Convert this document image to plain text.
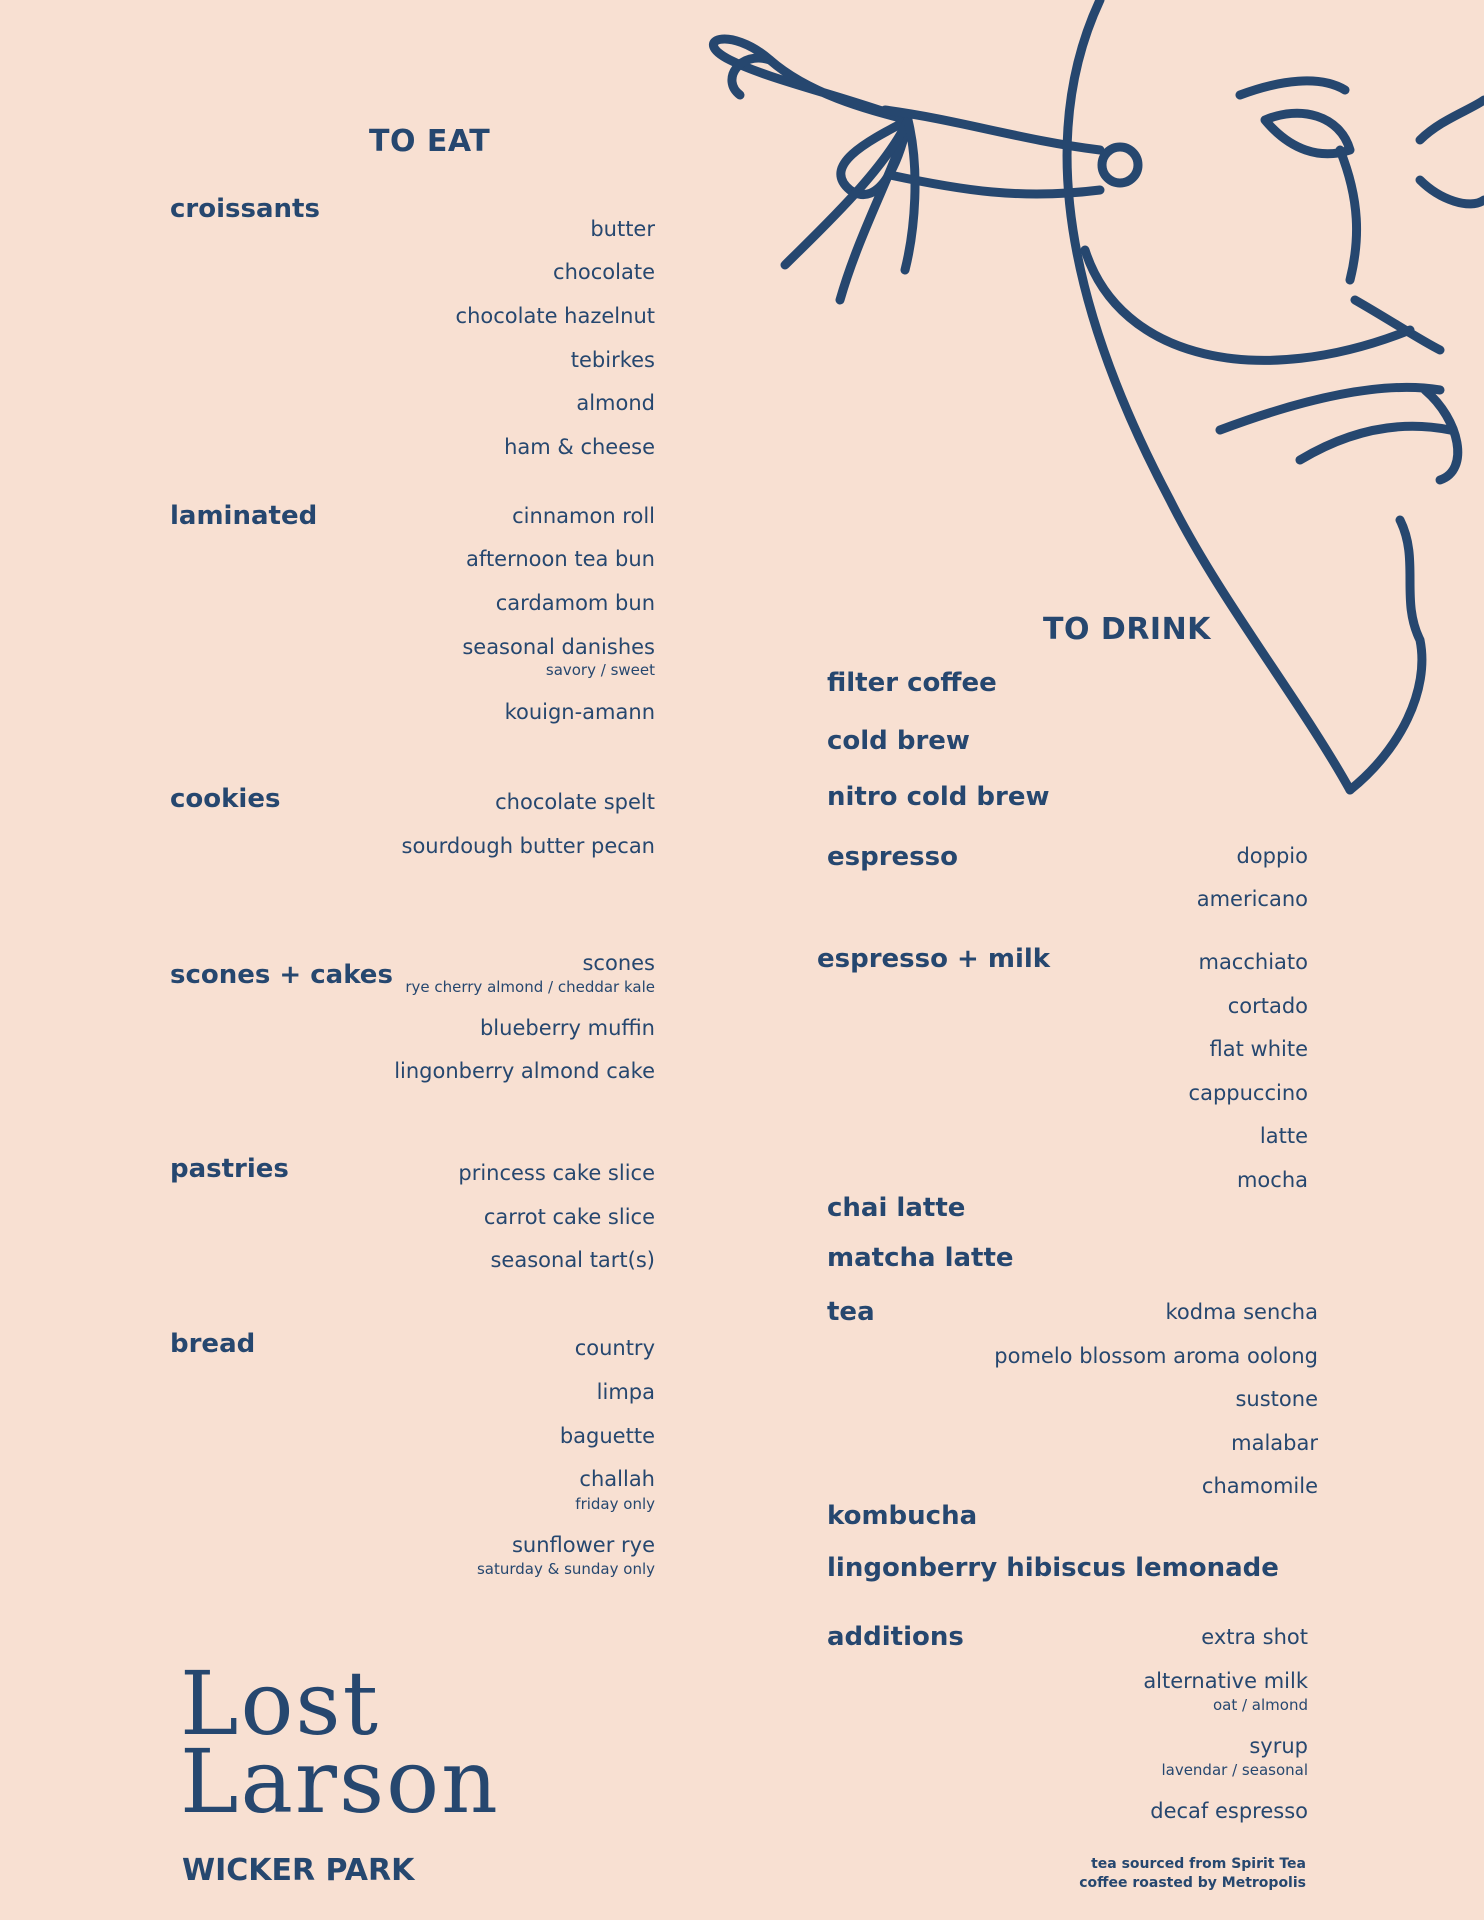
TO EAT
croissants
butter
chocolate
chocolate hazelnut
tebirkes
almond
ham & cheese
laminated	cinnamon roll
afternoon tea bun
cardamom bun
seasonal danishes
savory / sweet
kouign-amann
cookies	chocolate spelt
sourdough butter pecan
scones + cakes	scones
rye cherry almond / cheddar kale
blueberry muffin
lingonberry almond cake
pastries	princess cake slice
carrot cake slice
seasonal tart(s)
bread	country
limpa
baguette
challah
friday only
sunflower rye
saturday & sunday only
TO DRINK
filter coffee
cold brew
nitro cold brew
espresso	doppio
americano
espresso + milk	macchiato
cortado
flat white
cappuccino
latte
mocha
chai latte
matcha latte
tea	kodma sencha
pomelo blossom aroma oolong
sustone
malabar
chamomile
kombucha
lingonberry hibiscus lemonade
additions	extra shot
alternative milk
oat / almond
syrup
lavendar / seasonal
decaf espresso
Lost
Larson
WICKER PARK	tea sourced from Spirit Tea
coffee roasted by Metropolis
